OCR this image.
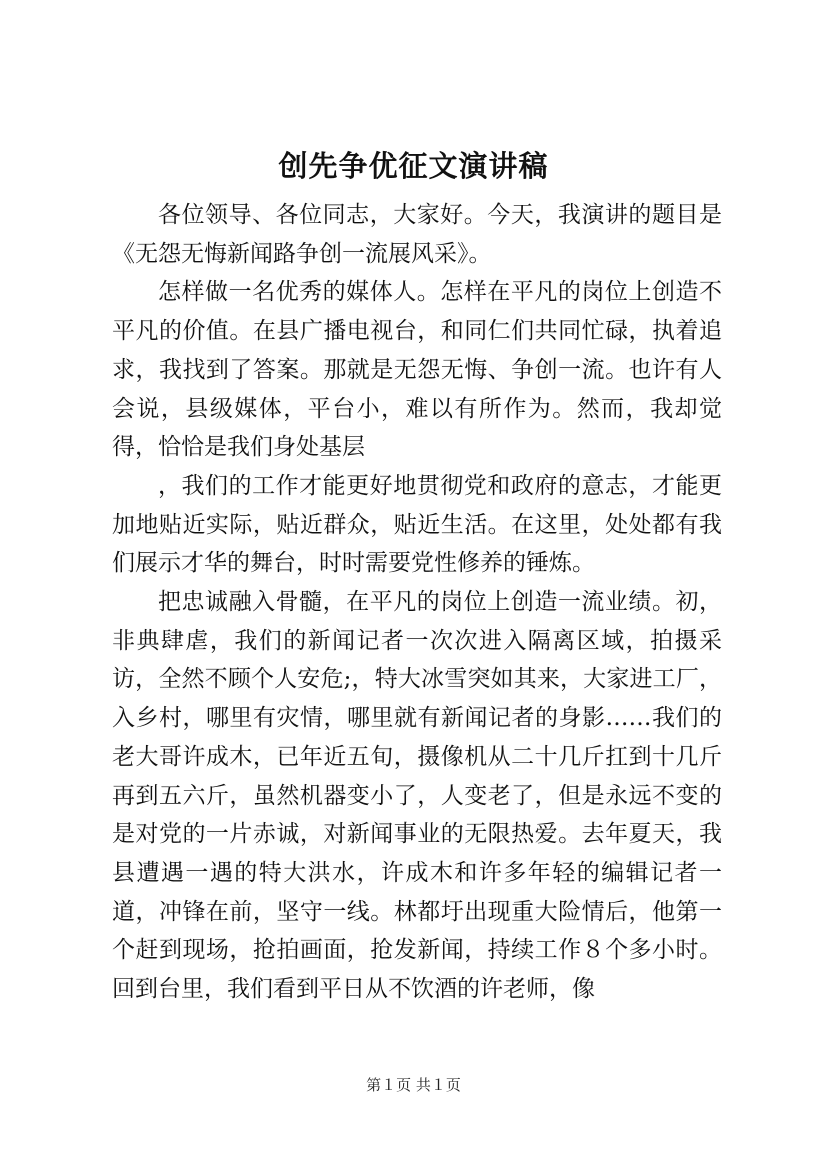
创先争优征文演讲稿

各位领导、各位同志，大家好。今天，我演讲的题目是《无怨无悔新闻路争创一流展风采》。

怎样做一名优秀的媒体人。怎样在平凡的岗位上创造不平凡的价值。在县广播电视台，和同仁们共同忙碌，执着追求，我找到了答案。那就是无怨无悔、争创一流。也许有人会说，县级媒体，平台小，难以有所作为。然而，我却觉得，恰恰是我们身处基层

，我们的工作才能更好地贯彻党和政府的意志，才能更加地贴近实际，贴近群众，贴近生活。在这里，处处都有我们展示才华的舞台，时时需要党性修养的锤炼。

把忠诚融入骨髓，在平凡的岗位上创造一流业绩。初，非典肆虐，我们的新闻记者一次次进入隔离区域，拍摄采访，全然不顾个人安危;，特大冰雪突如其来，大家进工厂，入乡村，哪里有灾情，哪里就有新闻记者的身影……我们的老大哥许成木，已年近五旬，摄像机从二十几斤扛到十几斤再到五六斤，虽然机器变小了，人变老了，但是永远不变的是对党的一片赤诚，对新闻事业的无限热爱。去年夏天，我县遭遇一遇的特大洪水，许成木和许多年轻的编辑记者一道，冲锋在前，坚守一线。林都圩出现重大险情后，他第一个赶到现场，抢拍画面，抢发新闻，持续工作８个多小时。回到台里，我们看到平日从不饮酒的许老师，像

第１页 共１页
